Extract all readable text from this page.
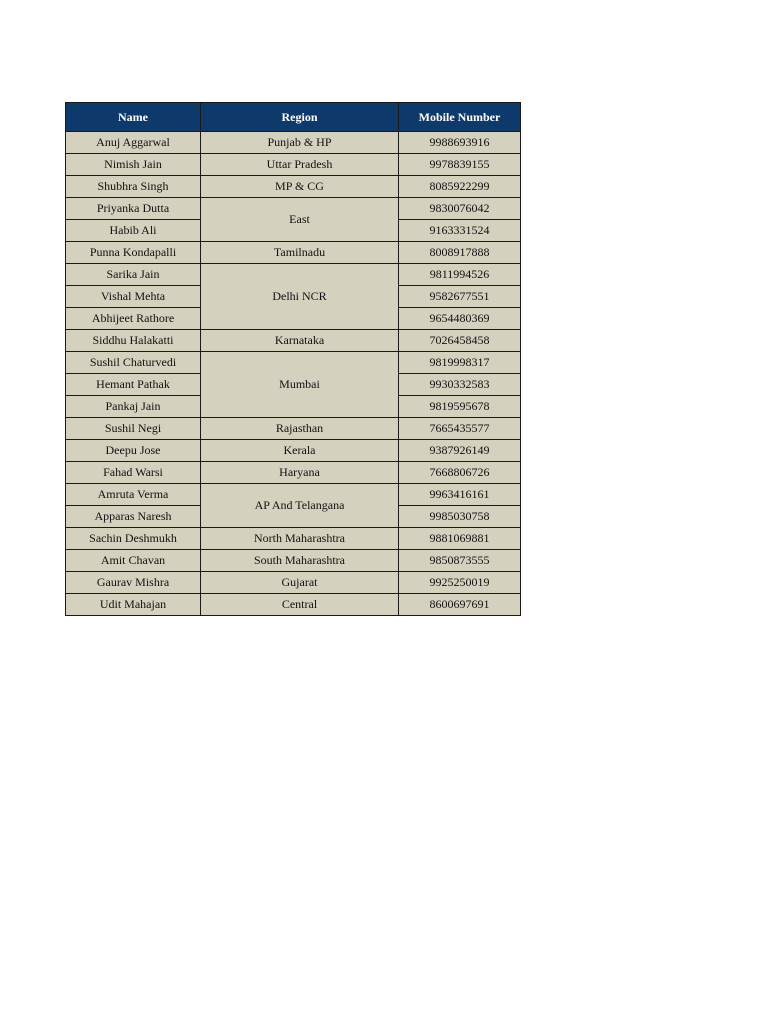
Name	Region	Mobile Number
Anuj Aggarwal	Punjab & HP	9988693916
Nimish Jain	Uttar Pradesh	9978839155
Shubhra Singh	MP & CG	8085922299
Priyanka Dutta	East	9830076042
Habib Ali		9163331524
Punna Kondapalli	Tamilnadu	8008917888
Sarika Jain	Delhi NCR	9811994526
Vishal Mehta		9582677551
Abhijeet Rathore		9654480369
Siddhu Halakatti	Karnataka	7026458458
Sushil Chaturvedi	Mumbai	9819998317
Hemant Pathak		9930332583
Pankaj Jain		9819595678
Sushil Negi	Rajasthan	7665435577
Deepu Jose	Kerala	9387926149
Fahad Warsi	Haryana	7668806726
Amruta Verma	AP And Telangana	9963416161
Apparas Naresh		9985030758
Sachin Deshmukh	North Maharashtra	9881069881
Amit Chavan	South Maharashtra	9850873555
Gaurav Mishra	Gujarat	9925250019
Udit Mahajan	Central	8600697691
